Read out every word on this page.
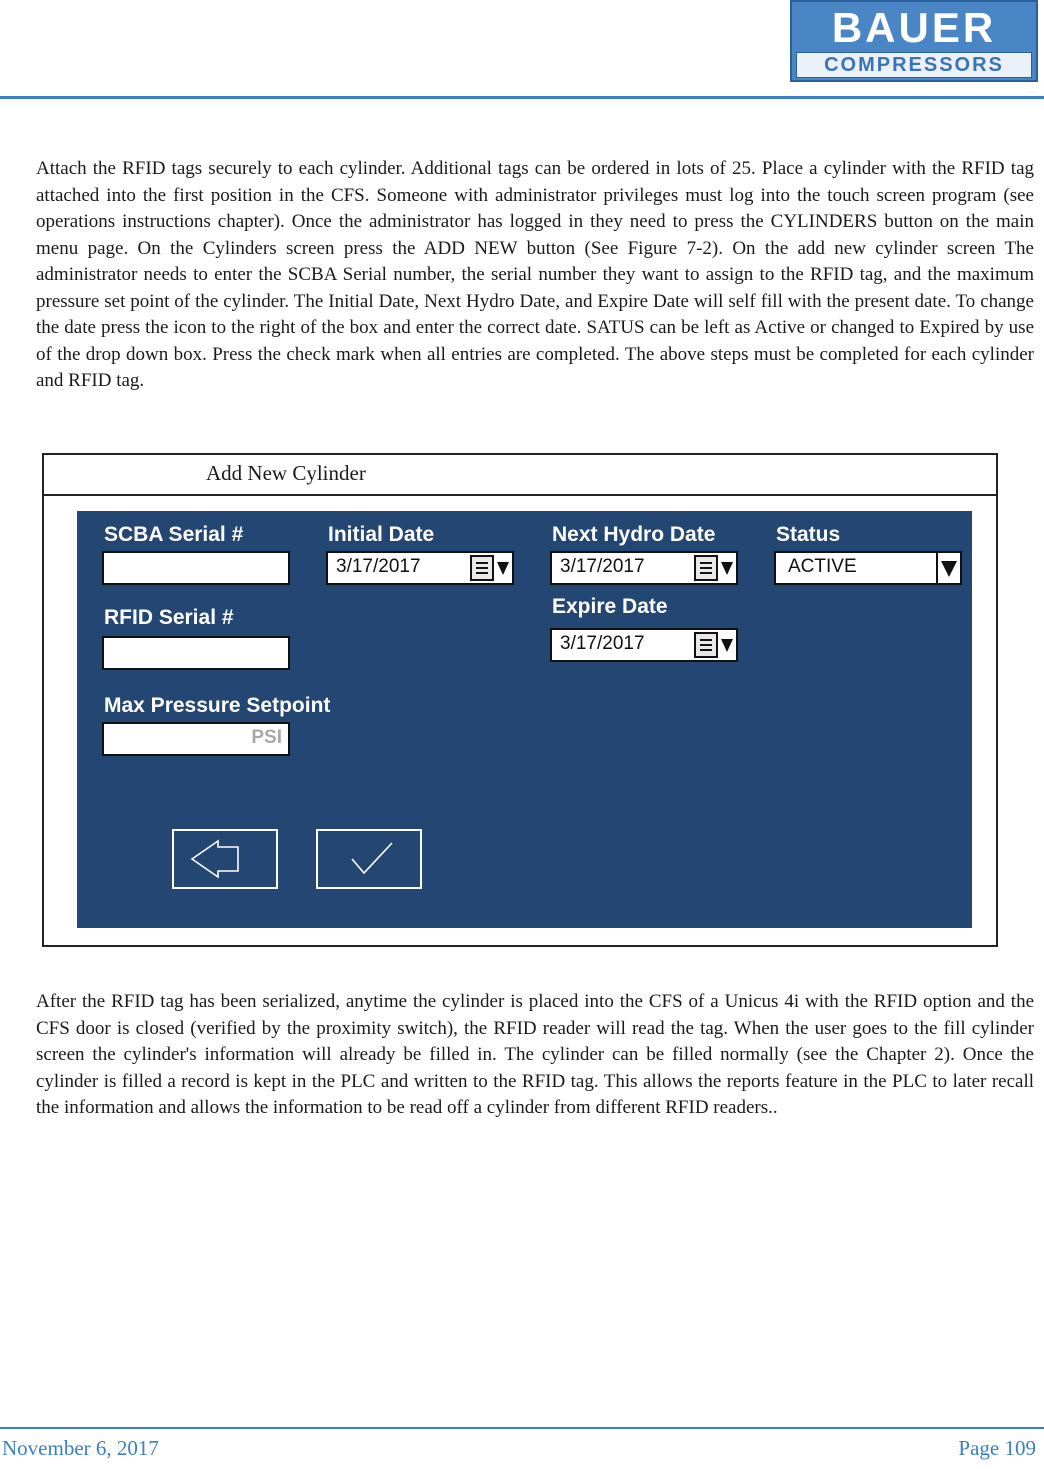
BAUER
COMPRESSORS

Attach the RFID tags securely to each cylinder. Additional tags can be ordered in lots of 25. Place a cylinder with the RFID tag attached into the first position in the CFS. Someone with administrator privileges must log into the touch screen program (see operations instructions chapter). Once the administrator has logged in they need to press the CYLINDERS button on the main menu page. On the Cylinders screen press the ADD NEW button (See Figure 7-2). On the add new cylinder screen The administrator needs to enter the SCBA Serial number, the serial number they want to assign to the RFID tag, and the maximum pressure set point of the cylinder. The Initial Date, Next Hydro Date, and Expire Date will self fill with the present date. To change the date press the icon to the right of the box and enter the correct date. SATUS can be left as Active or changed to Expired by use of the drop down box. Press the check mark when all entries are completed. The above steps must be completed for each cylinder and RFID tag.

Add New Cylinder
SCBA Serial #
RFID Serial #
Max Pressure Setpoint
PSI
Initial Date
3/17/2017
Next Hydro Date
3/17/2017
Expire Date
3/17/2017
Status
ACTIVE

After the RFID tag has been serialized, anytime the cylinder is placed into the CFS of a Unicus 4i with the RFID option and the CFS door is closed (verified by the proximity switch), the RFID reader will read the tag. When the user goes to the fill cylinder screen the cylinder's information will already be filled in. The cylinder can be filled normally (see the Chapter 2). Once the cylinder is filled a record is kept in the PLC and written to the RFID tag. This allows the reports feature in the PLC to later recall the information and allows the information to be read off a cylinder from different RFID readers..

November 6, 2017	Page 109
